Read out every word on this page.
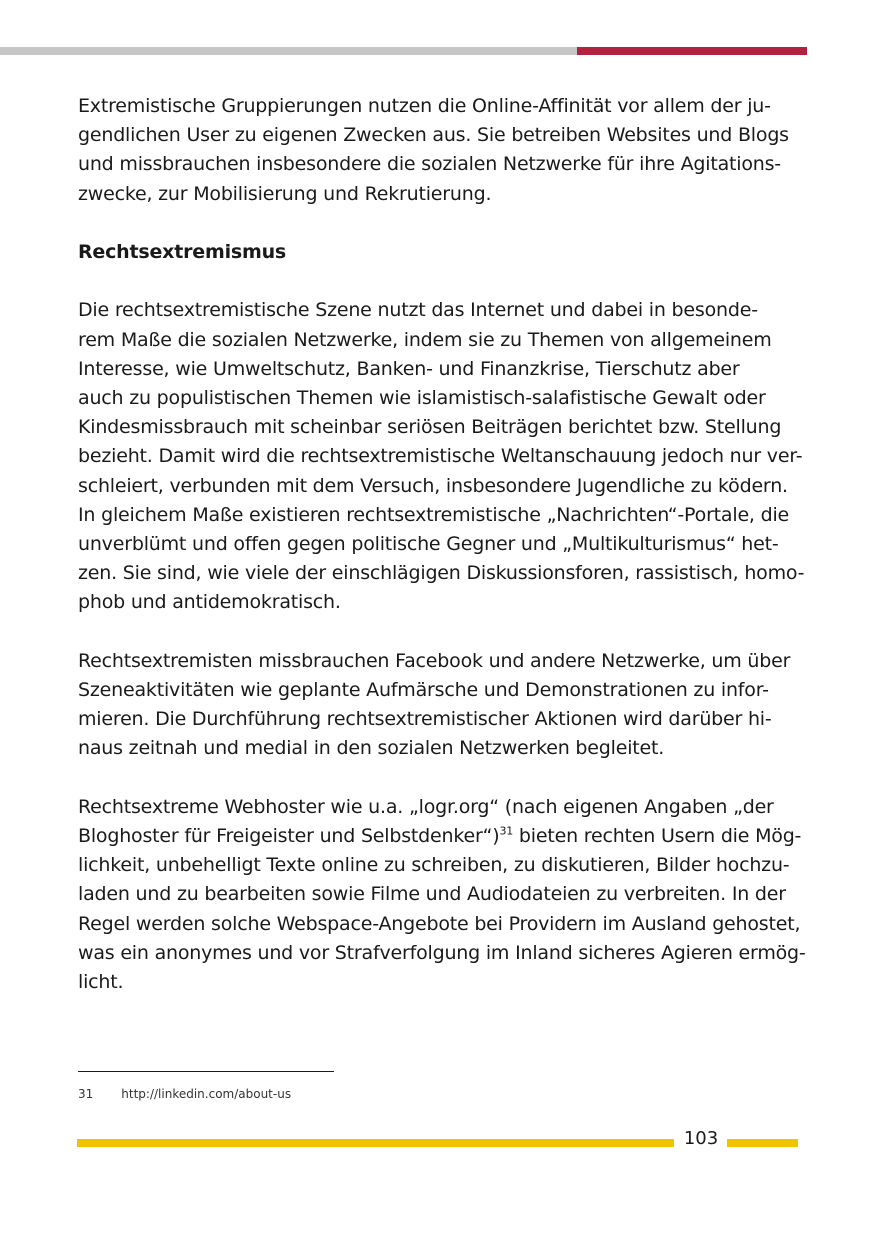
Extremistische Gruppierungen nutzen die Online-Affinität vor allem der ju-
gendlichen User zu eigenen Zwecken aus. Sie betreiben Websites und Blogs
und missbrauchen insbesondere die sozialen Netzwerke für ihre Agitations-
zwecke, zur Mobilisierung und Rekrutierung.

Rechtsextremismus

Die rechtsextremistische Szene nutzt das Internet und dabei in besonde-
rem Maße die sozialen Netzwerke, indem sie zu Themen von allgemeinem
Interesse, wie Umweltschutz, Banken- und Finanzkrise, Tierschutz aber
auch zu populistischen Themen wie islamistisch-salafistische Gewalt oder
Kindesmissbrauch mit scheinbar seriösen Beiträgen berichtet bzw. Stellung
bezieht. Damit wird die rechtsextremistische Weltanschauung jedoch nur ver-
schleiert, verbunden mit dem Versuch, insbesondere Jugendliche zu ködern.
In gleichem Maße existieren rechtsextremistische „Nachrichten“-Portale, die
unverblümt und offen gegen politische Gegner und „Multikulturismus“ het-
zen. Sie sind, wie viele der einschlägigen Diskussionsforen, rassistisch, homo-
phob und antidemokratisch.

Rechtsextremisten missbrauchen Facebook und andere Netzwerke, um über
Szeneaktivitäten wie geplante Aufmärsche und Demonstrationen zu infor-
mieren. Die Durchführung rechtsextremistischer Aktionen wird darüber hi-
naus zeitnah und medial in den sozialen Netzwerken begleitet.

Rechtsextreme Webhoster wie u.a. „logr.org“ (nach eigenen Angaben „der
Bloghoster für Freigeister und Selbstdenker“)$^{31}$ bieten rechten Usern die Mög-
lichkeit, unbehelligt Texte online zu schreiben, zu diskutieren, Bilder hochzu-
laden und zu bearbeiten sowie Filme und Audiodateien zu verbreiten. In der
Regel werden solche Webspace-Angebote bei Providern im Ausland gehostet,
was ein anonymes und vor Strafverfolgung im Inland sicheres Agieren ermög-
licht.

31 http://linkedin.com/about-us
103
